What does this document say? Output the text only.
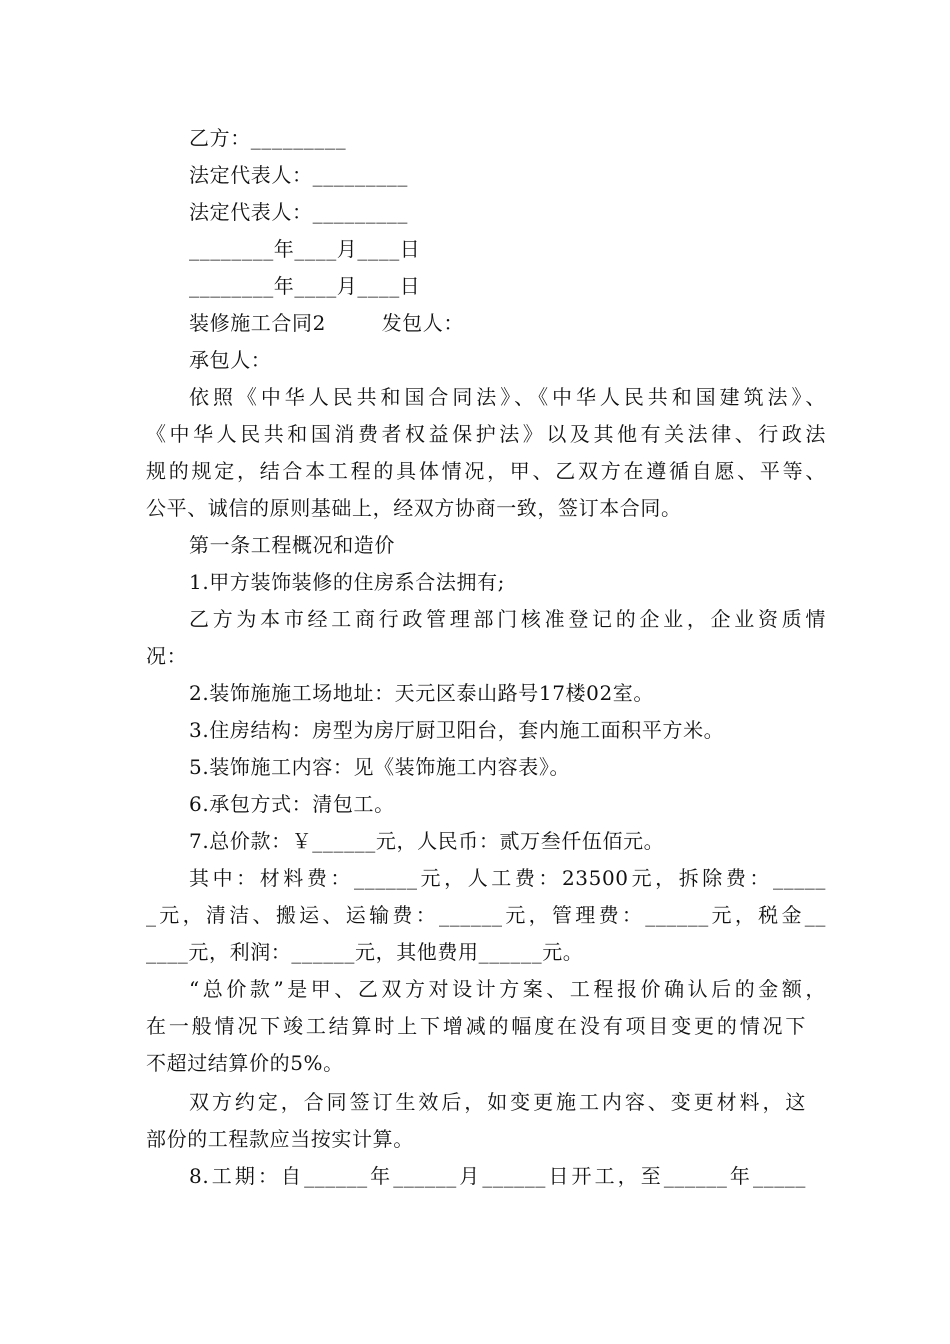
乙方：_________
法定代表人：_________
法定代表人：_________
________年____月____日
________年____月____日
装修施工合同2        发包人：
承包人：
依照《中华人民共和国合同法》、《中华人民共和国建筑法》、
《中华人民共和国消费者权益保护法》以及其他有关法律、行政法
规的规定，结合本工程的具体情况，甲、乙双方在遵循自愿、平等、
公平、诚信的原则基础上，经双方协商一致，签订本合同。
第一条工程概况和造价
1.甲方装饰装修的住房系合法拥有;
乙方为本市经工商行政管理部门核准登记的企业，企业资质情
况：
2.装饰施施工场地址：天元区泰山路号17楼02室。
3.住房结构：房型为房厅厨卫阳台，套内施工面积平方米。
5.装饰施工内容：见《装饰施工内容表》。
6.承包方式：清包工。
7.总价款：￥______元，人民币：贰万叁仟伍佰元。
其中：材料费：______元，人工费：23500元，拆除费：_____
_元，清洁、搬运、运输费：______元，管理费：______元，税金__
____元，利润：______元，其他费用______元。
“总价款”是甲、乙双方对设计方案、工程报价确认后的金额，
在一般情况下竣工结算时上下增减的幅度在没有项目变更的情况下
不超过结算价的5%。
双方约定，合同签订生效后，如变更施工内容、变更材料，这
部份的工程款应当按实计算。
8.工期：自______年______月______日开工，至______年_____
